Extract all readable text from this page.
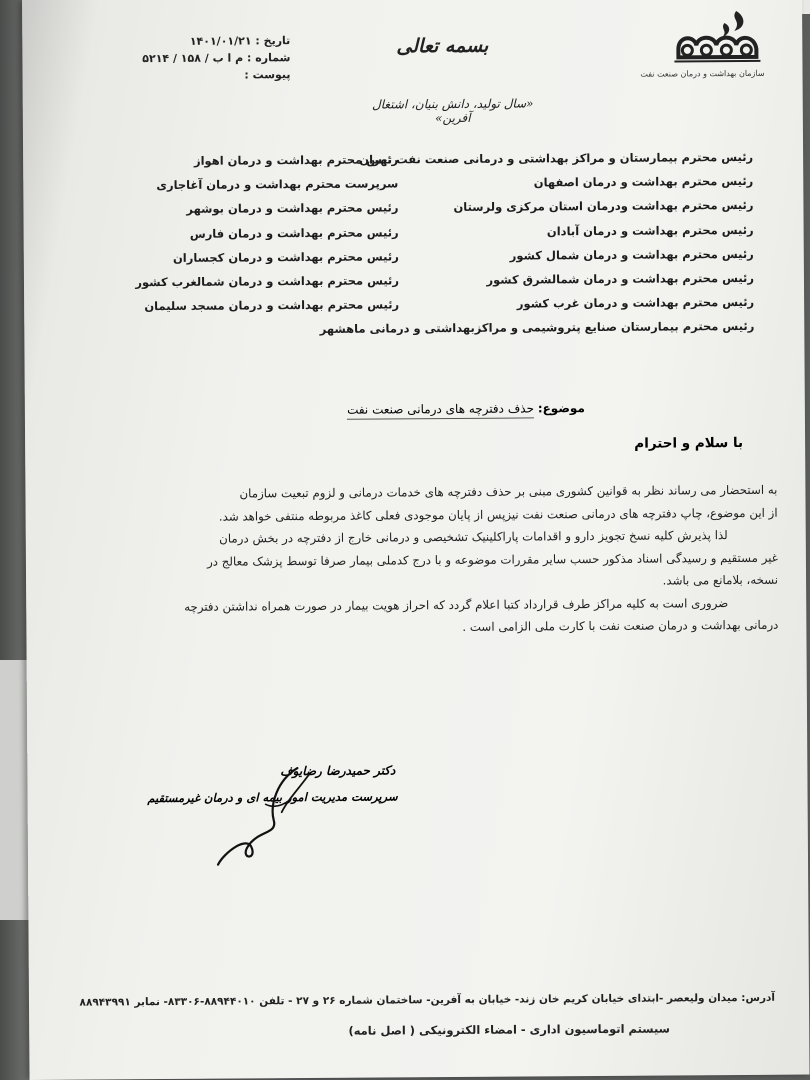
سازمان بهداشت و درمان صنعت نفت
بسمه تعالی
تاریخ : ۱۴۰۱/۰۱/۲۱
شماره : م ا ب / ۱۵۸ / ۵۲۱۴
پیوست :
«سال تولید، دانش بنیان، اشتغال آفرین»
رئیس محترم بیمارستان و مراکز بهداشتی و درمانی صنعت نفت تهران
رئیس محترم بهداشت و درمان اصفهان
رئیس محترم بهداشت ودرمان استان مرکزی ولرستان
رئیس محترم بهداشت و درمان آبادان
رئیس محترم بهداشت و درمان شمال کشور
رئیس محترم بهداشت و درمان شمالشرق کشور
رئیس محترم بهداشت و درمان غرب کشور
رئیس محترم بیمارستان صنایع پتروشیمی و مراکزبهداشتی و درمانی ماهشهر
رئیس محترم بهداشت و درمان اهواز
سرپرست محترم بهداشت و درمان آغاجاری
رئیس محترم بهداشت و درمان بوشهر
رئیس محترم بهداشت و درمان فارس
رئیس محترم بهداشت و درمان کجساران
رئیس محترم بهداشت و درمان شمالغرب کشور
رئیس محترم بهداشت و درمان مسجد سلیمان
موضوع: حذف دفترچه های درمانی صنعت نفت
با سلام و احترام

به استحضار می رساند نظر به قوانین کشوری مبنی بر حذف دفترچه های خدمات درمانی و لزوم تبعیت سازمان

از این موضوع، چاپ دفترچه های درمانی صنعت نفت نیزپس از پایان موجودی فعلی کاغذ مربوطه منتفی خواهد شد.

لذا پذیرش کلیه نسخ تجویز دارو و اقدامات پاراکلینیک تشخیصی و درمانی خارج از دفترچه در بخش درمان

غیر مستقیم و رسیدگی اسناد مذکور حسب سایر مقررات موضوعه و با درج کدملی بیمار صرفا توسط پزشک معالج در

نسخه، بلامانع می باشد.

ضروری است به کلیه مراکز طرف قرارداد کتبا اعلام گردد که احراز هویت بیمار در صورت همراه نداشتن دفترچه

درمانی بهداشت و درمان صنعت نفت با کارت ملی الزامی است .

دکتر حمیدرضا رضایوف
سرپرست مدیریت امور بیمه ای و درمان غیرمستقیم
آدرس: میدان ولیعصر -ابتدای خیابان کریم خان زند- خیابان به آفرین- ساختمان شماره ۲۶ و ۲۷ - تلفن ۸۸۹۴۴۰۱۰-۸۳۳۰۶- نمابر ۸۸۹۴۳۹۹۱
سیستم اتوماسیون اداری - امضاء الکترونیکی ( اصل نامه)
